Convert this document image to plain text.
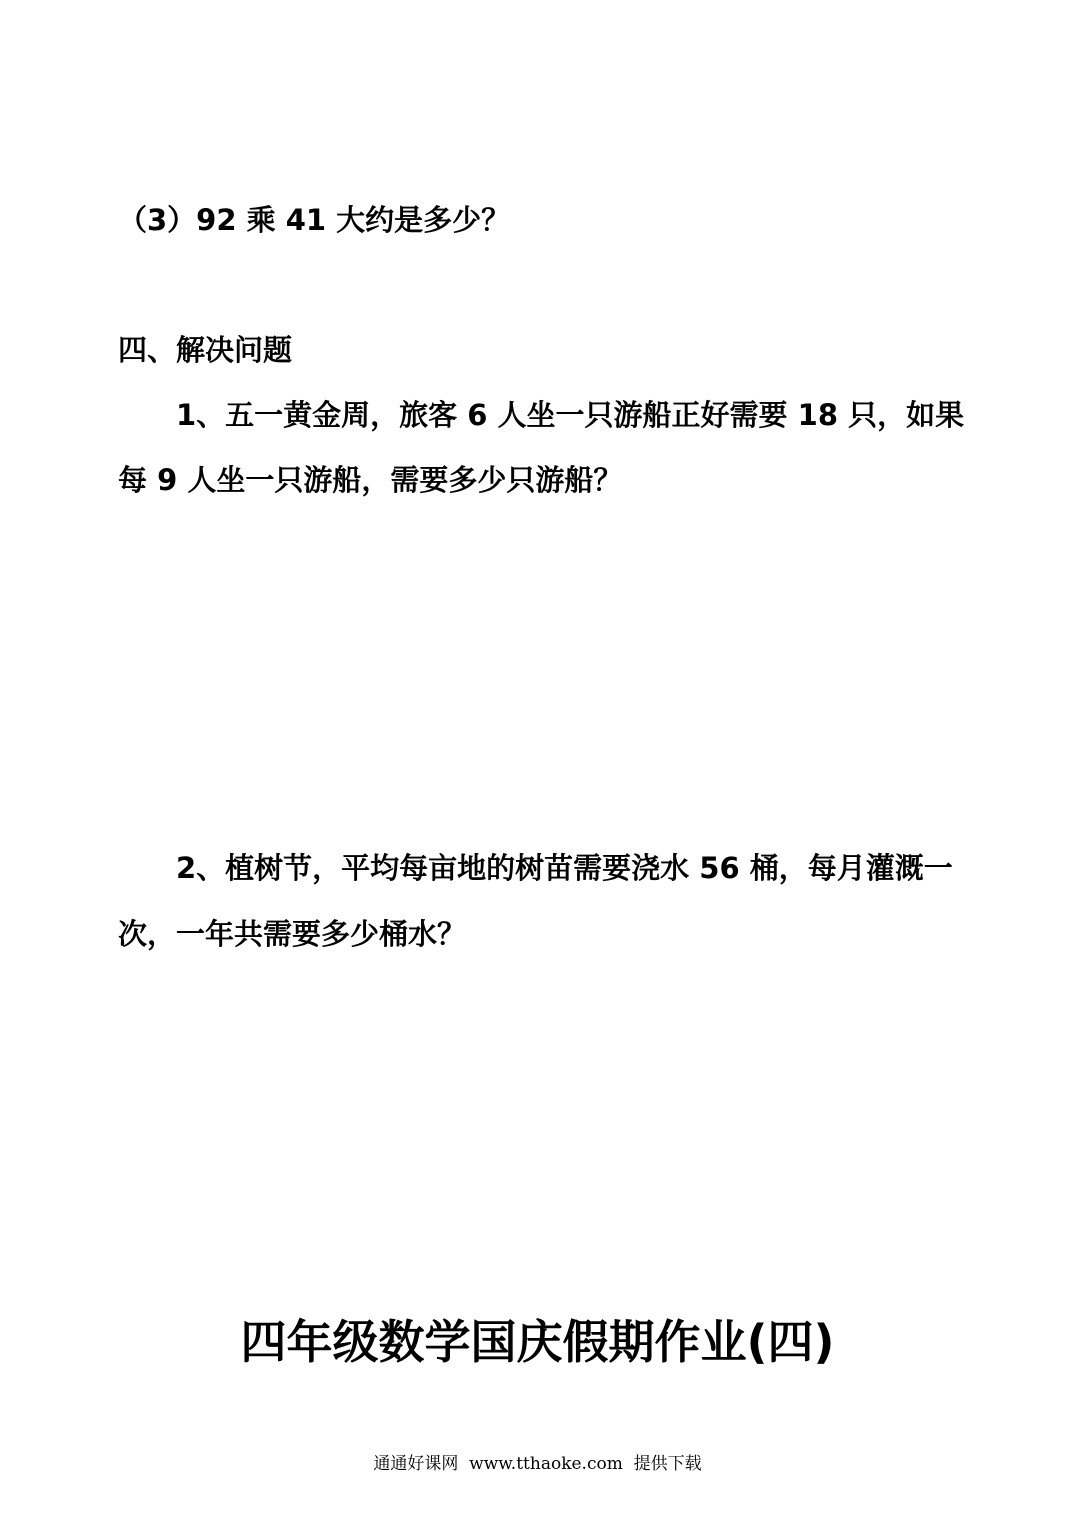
（3）92 乘 41 大约是多少？

四、解决问题

1、五一黄金周，旅客 6 人坐一只游船正好需要 18 只，如果

每 9 人坐一只游船，需要多少只游船？

2、植树节，平均每亩地的树苗需要浇水 56 桶，每月灌溉一

次，一年共需要多少桶水？

四年级数学国庆假期作业(四)

通通好课网  www.tthaoke.com  提供下载
